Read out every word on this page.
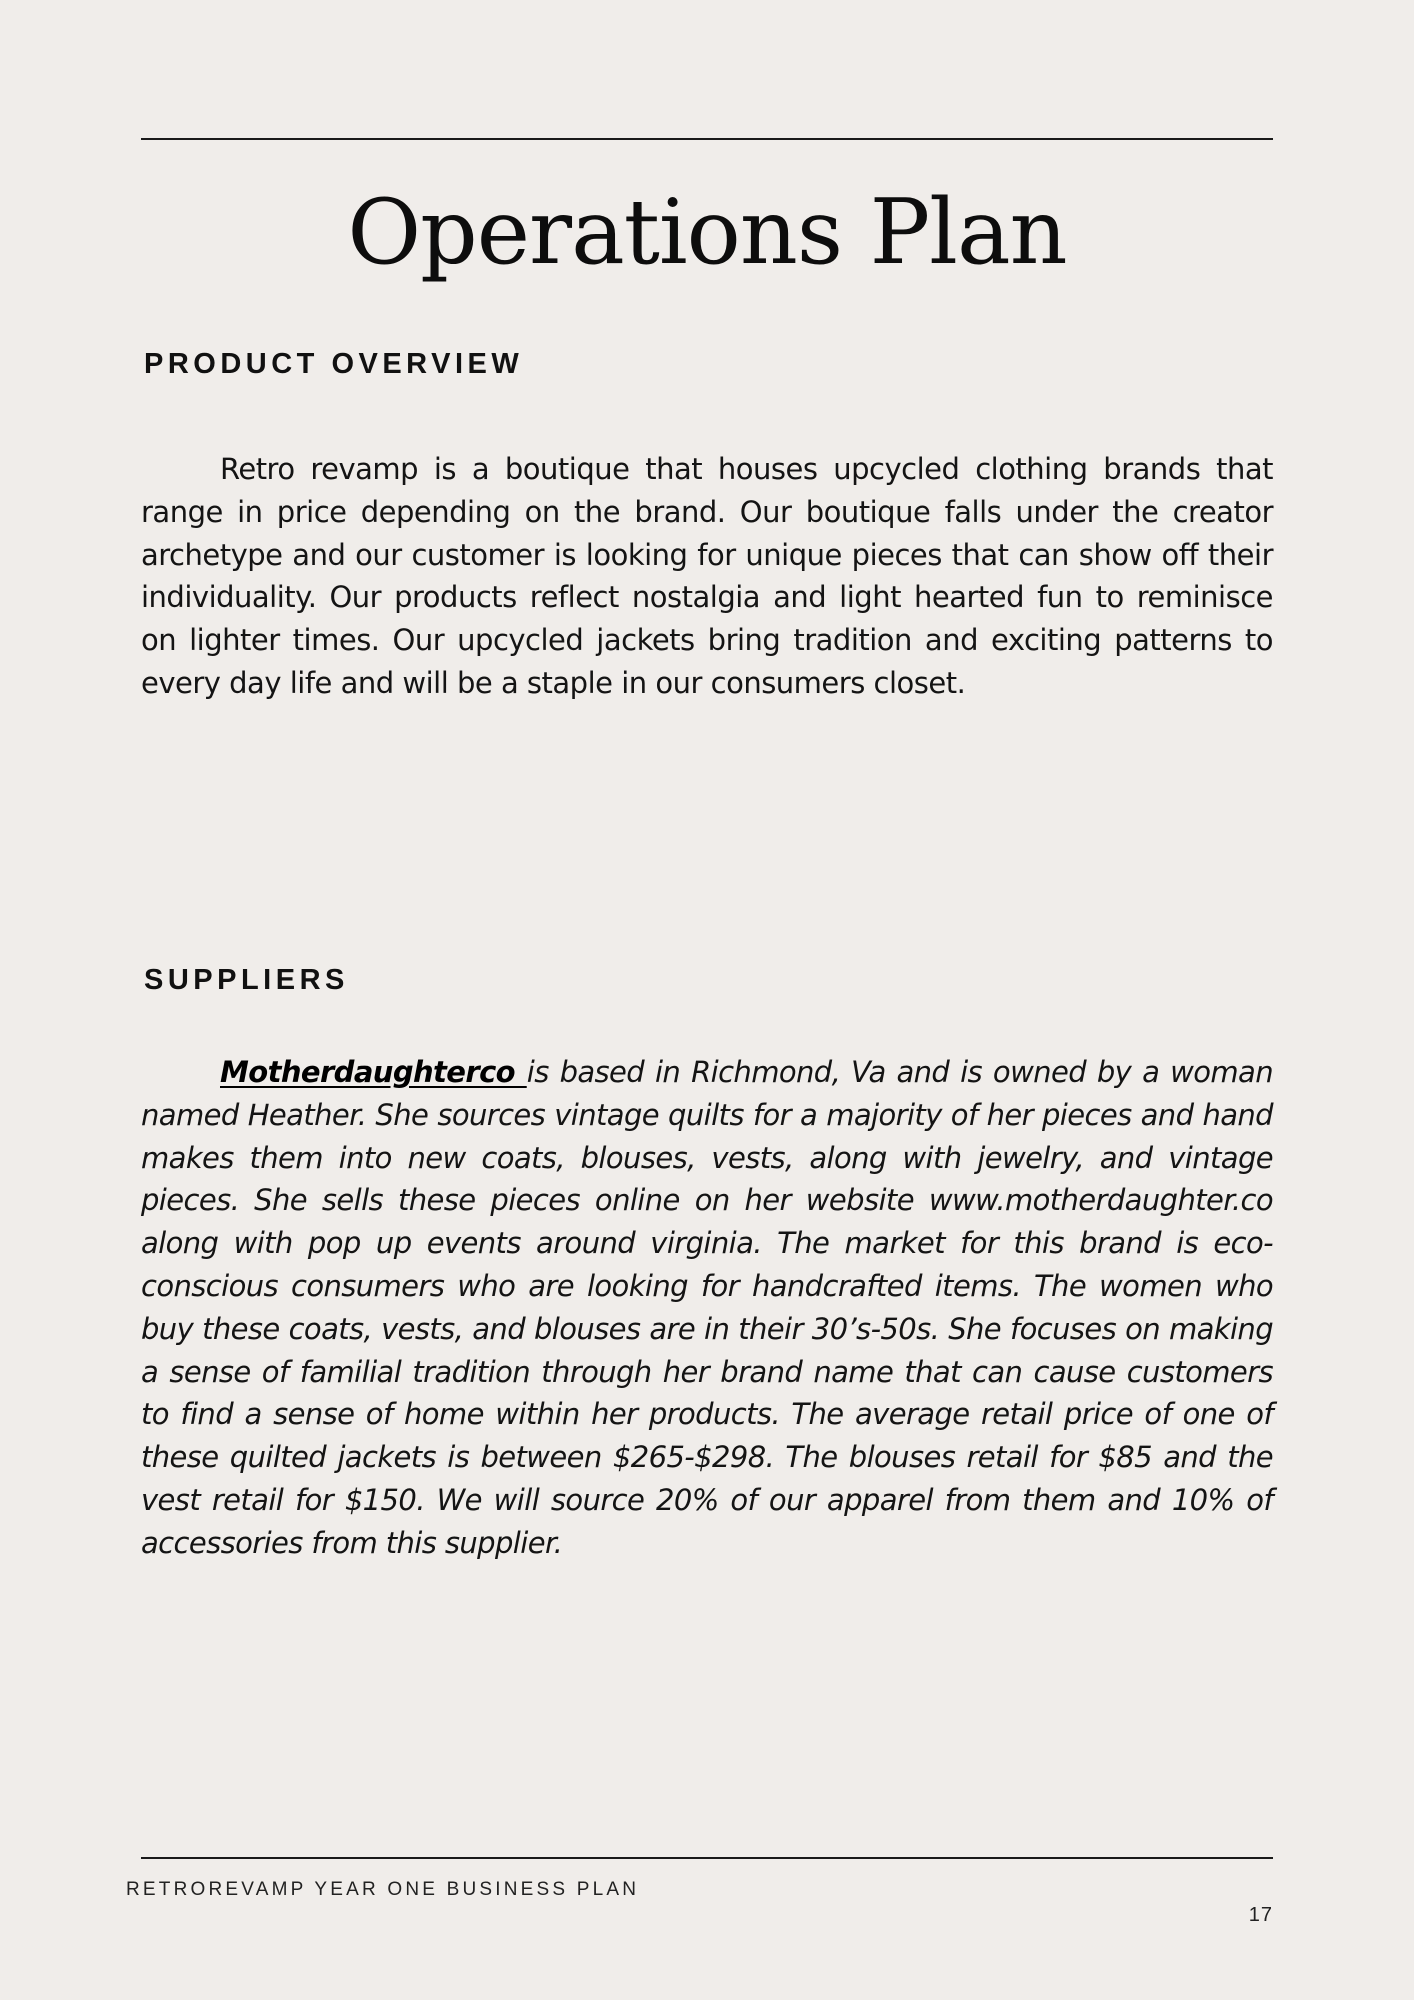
Operations Plan
PRODUCT OVERVIEW

Retro revamp is a boutique that houses upcycled clothing brands that range in price depending on the brand. Our boutique falls under the creator archetype and our customer is looking for unique pieces that can show off their individuality. Our products reflect nostalgia and light hearted fun to reminisce on lighter times. Our upcycled jackets bring tradition and exciting patterns to every day life and will be a staple in our consumers closet.

SUPPLIERS

Motherdaughterco is based in Richmond, Va and is owned by a woman named Heather. She sources vintage quilts for a majority of her pieces and hand makes them into new coats, blouses, vests, along with jewelry, and vintage pieces. She sells these pieces online on her website www.motherdaughter.co along with pop up events around virginia. The market for this brand is eco-conscious consumers who are looking for handcrafted items. The women who buy these coats, vests, and blouses are in their 30’s-50s. She focuses on making a sense of familial tradition through her brand name that can cause customers to find a sense of home within her products. The average retail price of one of these quilted jackets is between $265-$298. The blouses retail for $85 and the vest retail for $150. We will source 20% of our apparel from them and 10% of accessories from this supplier.

RETROREVAMP YEAR ONE BUSINESS PLAN

17
